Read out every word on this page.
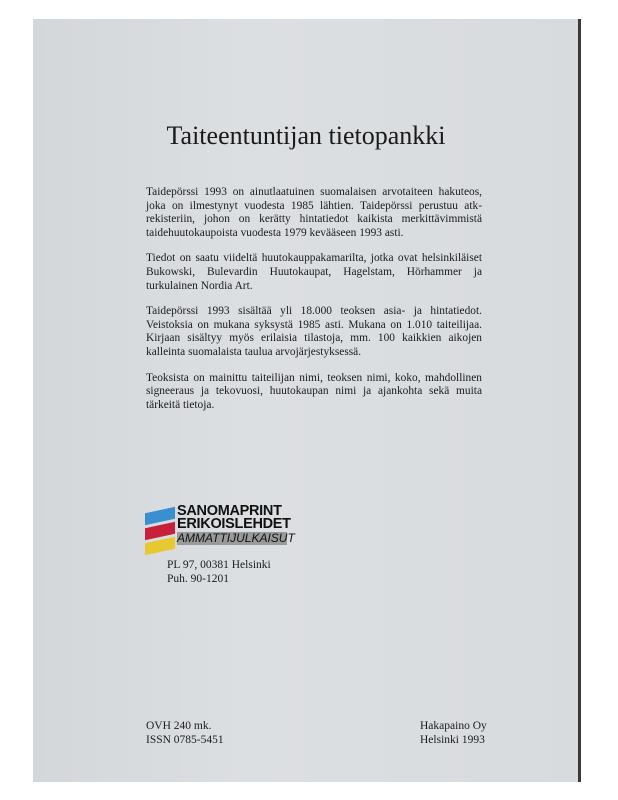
Taiteentuntijan tietopankki

Taidepörssi 1993 on ainutlaatuinen suomalaisen arvotaiteen hakuteos, joka on ilmestynyt vuodesta 1985 lähtien. Taidepörssi perustuu atk-rekisteriin, johon on kerätty hintatiedot kaikista merkittävimmistä taidehuutokaupoista vuodesta 1979 kevääseen 1993 asti.

Tiedot on saatu viideltä huutokauppakamarilta, jotka ovat helsinkiläiset Bukowski, Bulevardin Huutokaupat, Hagelstam, Hörhammer ja turkulainen Nordia Art.

Taidepörssi 1993 sisältää yli 18.000 teoksen asia- ja hintatiedot. Veistoksia on mukana syksystä 1985 asti. Mukana on 1.010 taiteilijaa. Kirjaan sisältyy myös erilaisia tilastoja, mm. 100 kaikkien aikojen kalleinta suomalaista taulua arvojärjestyksessä.

Teoksista on mainittu taiteilijan nimi, teoksen nimi, koko, mahdollinen signeeraus ja tekovuosi, huutokaupan nimi ja ajankohta sekä muita tärkeitä tietoja.

SANOMAPRINT
ERIKOISLEHDET
AMMATTIJULKAISUT
PL 97, 00381 Helsinki
Puh. 90-1201
OVH 240 mk.
ISSN 0785-5451
Hakapaino Oy
Helsinki 1993
